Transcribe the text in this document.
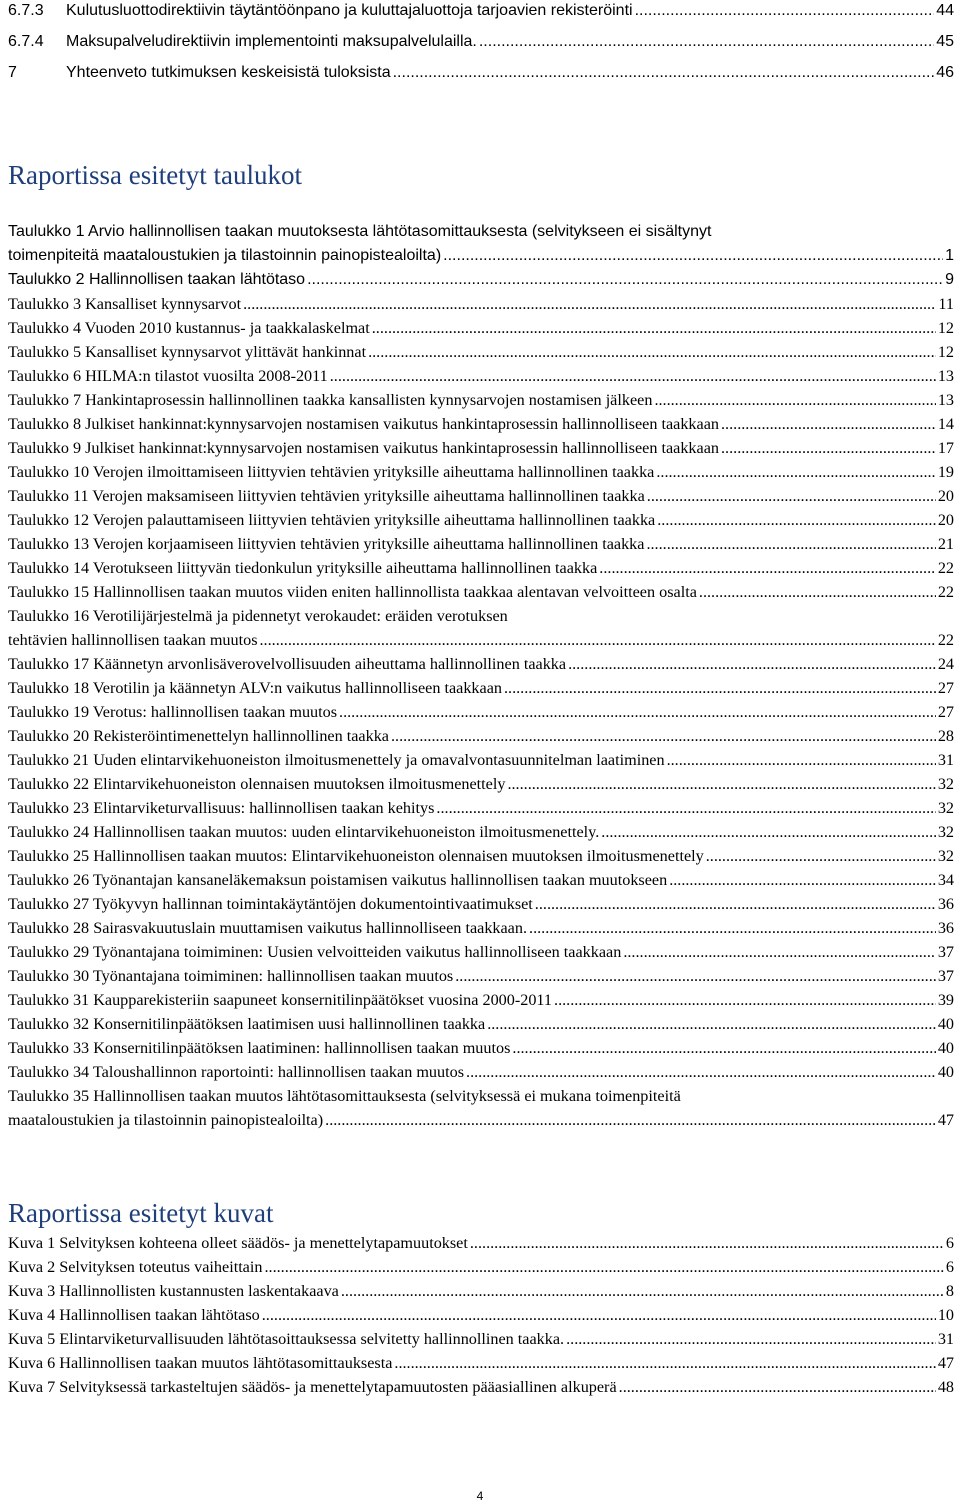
6.7.3 Kulutusluottodirektiivin täytäntöönpano ja kuluttajaluottoja tarjoavien rekisteröinti .....	44
6.7.4 Maksupalveludirektiivin implementointi maksupalvelulailla. .....	45
7	Yhteenveto tutkimuksen keskeisistä tuloksista .....	46
Raportissa esitetyt taulukot
Taulukko 1 Arvio hallinnollisen taakan muutoksesta lähtötasomittauksesta (selvitykseen ei sisältynyt
toimenpiteitä maataloustukien ja tilastoinnin painopistealoilta) .....	1
Taulukko 2 Hallinnollisen taakan lähtötaso .....	9
Taulukko 3 Kansalliset kynnysarvot .....	11
Taulukko 4 Vuoden 2010 kustannus- ja taakkalaskelmat .....	12
Taulukko 5 Kansalliset kynnysarvot ylittävät hankinnat .....	12
Taulukko 6 HILMA:n tilastot vuosilta 2008-2011 .....	13
Taulukko 7 Hankintaprosessin hallinnollinen taakka kansallisten kynnysarvojen nostamisen jälkeen .....	13
Taulukko 8 Julkiset hankinnat:kynnysarvojen nostamisen vaikutus hankintaprosessin hallinnolliseen taakkaan .....	14
Taulukko 9 Julkiset hankinnat:kynnysarvojen nostamisen vaikutus hankintaprosessin hallinnolliseen taakkaan .....	17
Taulukko 10 Verojen ilmoittamiseen liittyvien tehtävien yrityksille aiheuttama hallinnollinen taakka .....	19
Taulukko 11 Verojen maksamiseen liittyvien tehtävien yrityksille aiheuttama hallinnollinen taakka .....	20
Taulukko 12 Verojen palauttamiseen liittyvien tehtävien yrityksille aiheuttama hallinnollinen taakka .....	20
Taulukko 13 Verojen korjaamiseen liittyvien tehtävien yrityksille aiheuttama hallinnollinen taakka .....	21
Taulukko 14 Verotukseen liittyvän tiedonkulun yrityksille aiheuttama hallinnollinen taakka .....	22
Taulukko 15 Hallinnollisen taakan muutos viiden eniten hallinnollista taakkaa alentavan velvoitteen osalta .....	22
Taulukko 16 Verotilijärjestelmä ja pidennetyt verokaudet: eräiden verotuksen
tehtävien hallinnollisen taakan muutos .....	22
Taulukko 17 Käännetyn arvonlisäverovelvollisuuden aiheuttama hallinnollinen taakka .....	24
Taulukko 18 Verotilin ja käännetyn ALV:n vaikutus hallinnolliseen taakkaan .....	27
Taulukko 19 Verotus: hallinnollisen taakan muutos .....	27
Taulukko 20 Rekisteröintimenettelyn hallinnollinen taakka .....	28
Taulukko 21 Uuden elintarvikehuoneiston ilmoitusmenettely ja omavalvontasuunnitelman laatiminen .....	31
Taulukko 22 Elintarvikehuoneiston olennaisen muutoksen ilmoitusmenettely .....	32
Taulukko 23 Elintarviketurvallisuus: hallinnollisen taakan kehitys .....	32
Taulukko 24 Hallinnollisen taakan muutos: uuden elintarvikehuoneiston ilmoitusmenettely. .....	32
Taulukko 25 Hallinnollisen taakan muutos: Elintarvikehuoneiston olennaisen muutoksen ilmoitusmenettely .....	32
Taulukko 26 Työnantajan kansaneläkemaksun poistamisen vaikutus hallinnollisen taakan muutokseen .....	34
Taulukko 27 Työkyvyn hallinnan toimintakäytäntöjen dokumentointivaatimukset .....	36
Taulukko 28 Sairasvakuutuslain muuttamisen vaikutus hallinnolliseen taakkaan. .....	36
Taulukko 29 Työnantajana toimiminen: Uusien velvoitteiden vaikutus hallinnolliseen taakkaan .....	37
Taulukko 30 Työnantajana toimiminen: hallinnollisen taakan muutos .....	37
Taulukko 31 Kaupparekisteriin saapuneet konsernitilinpäätökset vuosina 2000-2011 .....	39
Taulukko 32 Konsernitilinpäätöksen laatimisen uusi hallinnollinen taakka .....	40
Taulukko 33 Konsernitilinpäätöksen laatiminen: hallinnollisen taakan muutos .....	40
Taulukko 34 Taloushallinnon raportointi: hallinnollisen taakan muutos .....	40
Taulukko 35 Hallinnollisen taakan muutos lähtötasomittauksesta (selvityksessä ei mukana toimenpiteitä
maataloustukien ja tilastoinnin painopistealoilta) .....	47
Raportissa esitetyt kuvat
Kuva 1 Selvityksen kohteena olleet säädös- ja menettelytapamuutokset .....	6
Kuva 2 Selvityksen toteutus vaiheittain .....	6
Kuva 3 Hallinnollisten kustannusten laskentakaava .....	8
Kuva 4 Hallinnollisen taakan lähtötaso .....	10
Kuva 5 Elintarviketurvallisuuden lähtötasoittauksessa selvitetty hallinnollinen taakka. .....	31
Kuva 6 Hallinnollisen taakan muutos lähtötasomittauksesta .....	47
Kuva 7 Selvityksessä tarkasteltujen säädös- ja menettelytapamuutosten pääasiallinen alkuperä .....	48
4
